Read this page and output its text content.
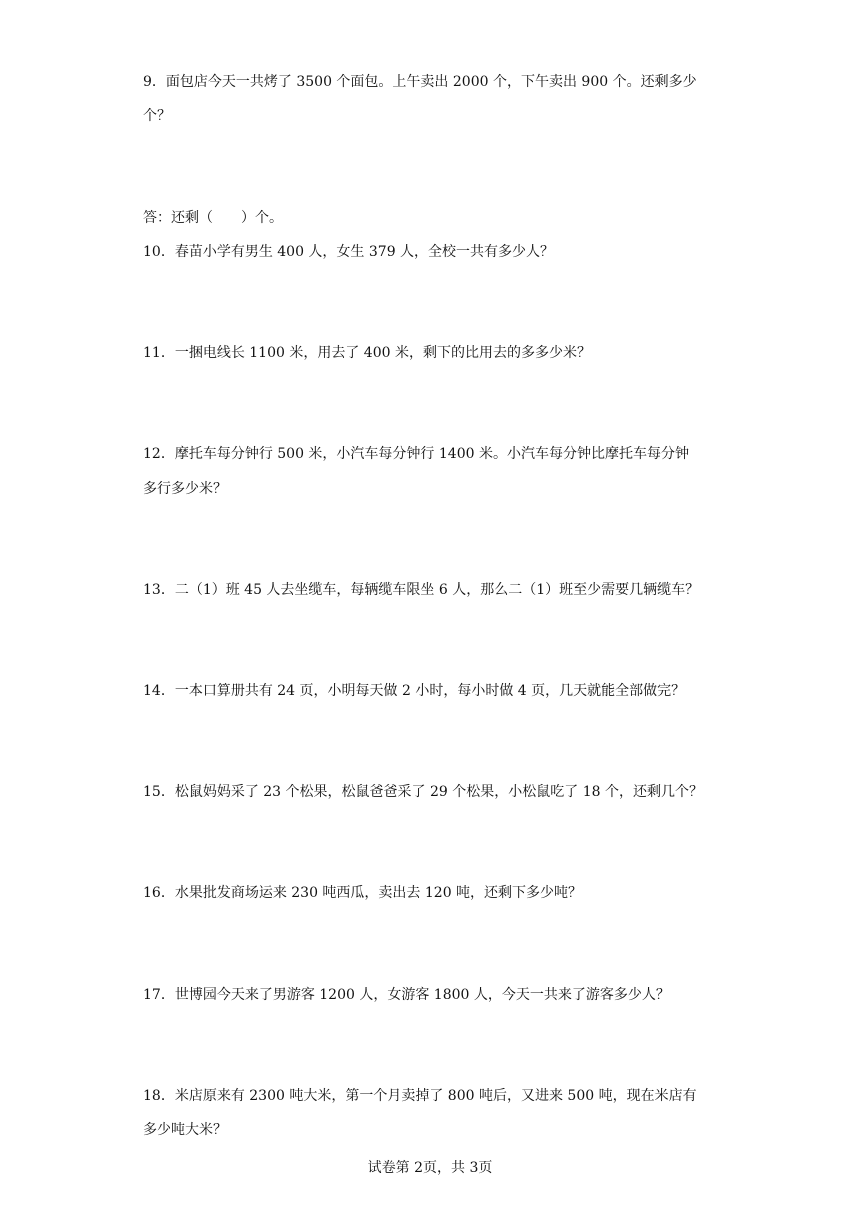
9．面包店今天一共烤了 3500 个面包。上午卖出 2000 个，下午卖出 900 个。还剩多少
个？
答：还剩（　　）个。
10．春苗小学有男生 400 人，女生 379 人，全校一共有多少人？
11．一捆电线长 1100 米，用去了 400 米，剩下的比用去的多多少米？
12．摩托车每分钟行 500 米，小汽车每分钟行 1400 米。小汽车每分钟比摩托车每分钟
多行多少米？
13．二（1）班 45 人去坐缆车，每辆缆车限坐 6 人，那么二（1）班至少需要几辆缆车？
14．一本口算册共有 24 页，小明每天做 2 小时，每小时做 4 页，几天就能全部做完？
15．松鼠妈妈采了 23 个松果，松鼠爸爸采了 29 个松果，小松鼠吃了 18 个，还剩几个？
16．水果批发商场运来 230 吨西瓜，卖出去 120 吨，还剩下多少吨？
17．世博园今天来了男游客 1200 人，女游客 1800 人，今天一共来了游客多少人？
18．米店原来有 2300 吨大米，第一个月卖掉了 800 吨后，又进来 500 吨，现在米店有
多少吨大米？
试卷第 2页，共 3页
